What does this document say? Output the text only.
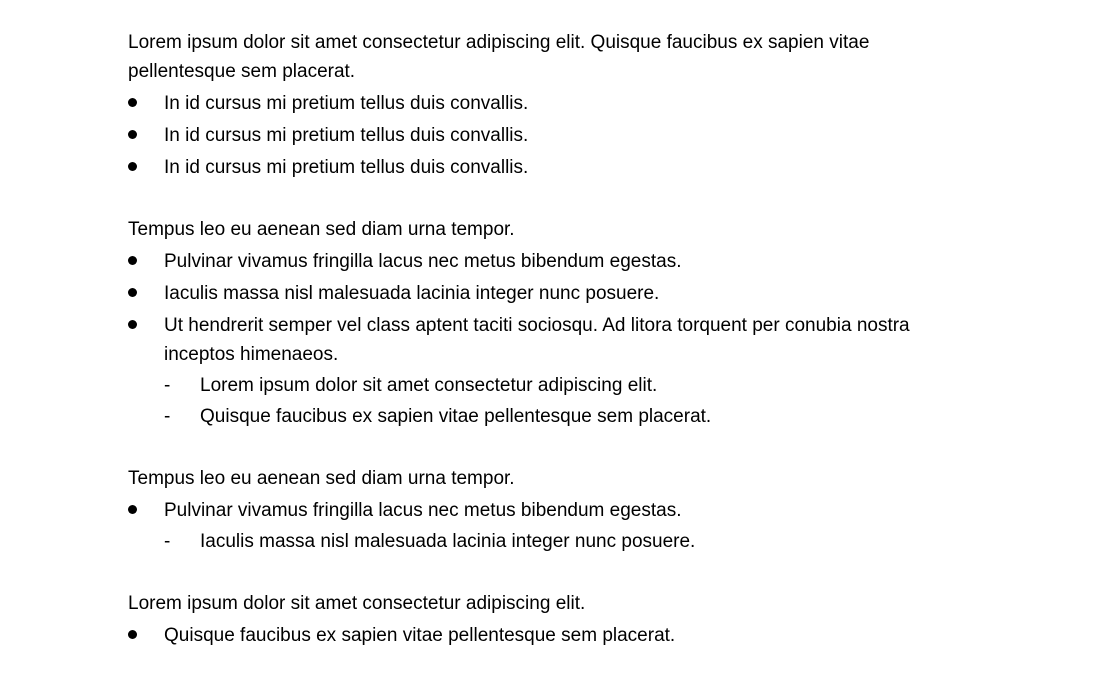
Lorem ipsum dolor sit amet consectetur adipiscing elit. Quisque faucibus ex sapien vitae
pellentesque sem placerat.

In id cursus mi pretium tellus duis convallis.
In id cursus mi pretium tellus duis convallis.
In id cursus mi pretium tellus duis convallis.

Tempus leo eu aenean sed diam urna tempor.

Pulvinar vivamus fringilla lacus nec metus bibendum egestas.
Iaculis massa nisl malesuada lacinia integer nunc posuere.
Ut hendrerit semper vel class aptent taciti sociosqu. Ad litora torquent per conubia nostra
inceptos himenaeos.
-	Lorem ipsum dolor sit amet consectetur adipiscing elit.
-	Quisque faucibus ex sapien vitae pellentesque sem placerat.

Tempus leo eu aenean sed diam urna tempor.

Pulvinar vivamus fringilla lacus nec metus bibendum egestas.
-	Iaculis massa nisl malesuada lacinia integer nunc posuere.

Lorem ipsum dolor sit amet consectetur adipiscing elit.

Quisque faucibus ex sapien vitae pellentesque sem placerat.
